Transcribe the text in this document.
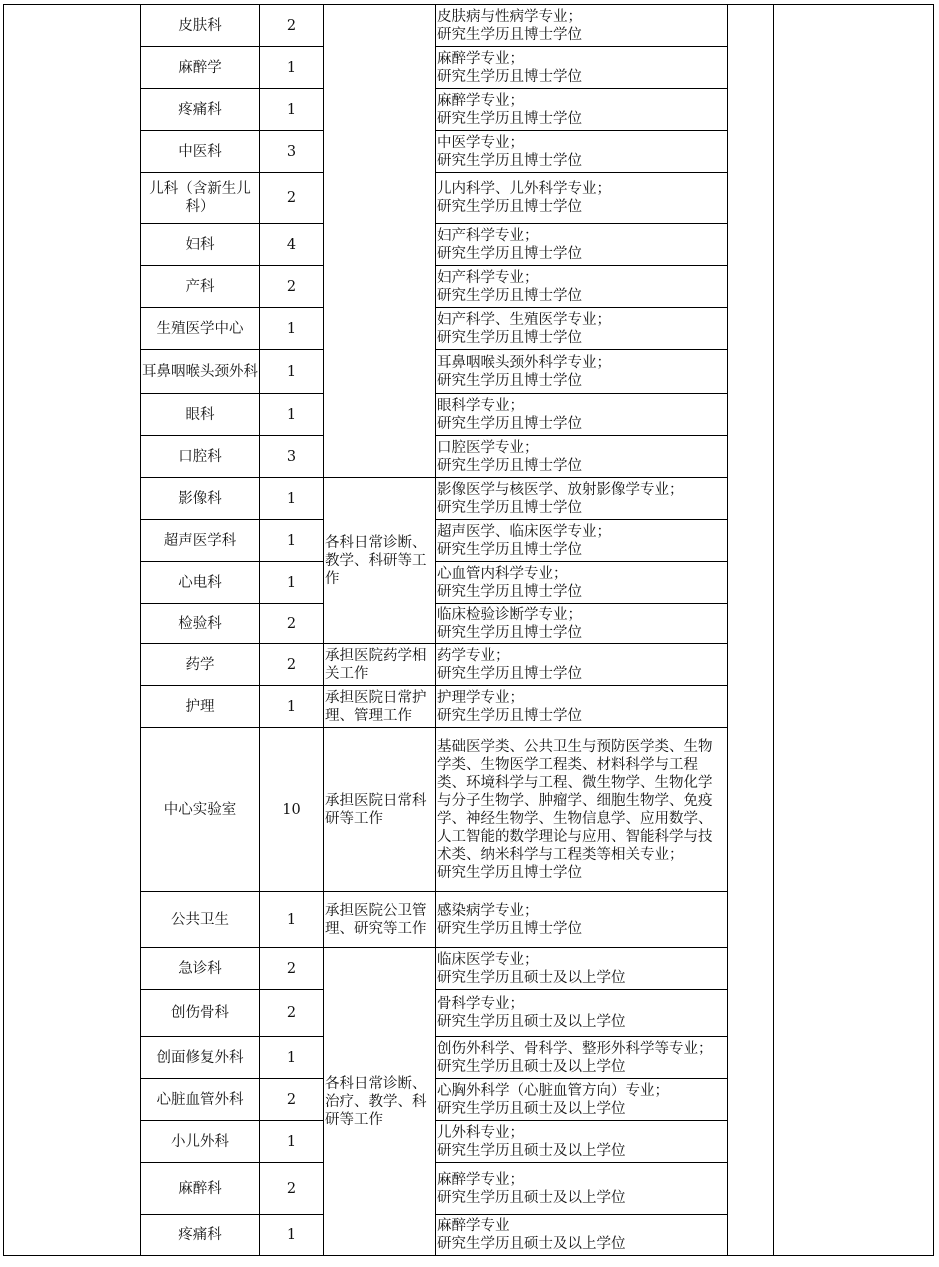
	皮肤科	2		皮肤病与性病学专业；
研究生学历且博士学位		

	麻醉学	1		麻醉学专业；
研究生学历且博士学位		

	疼痛科	1		麻醉学专业；
研究生学历且博士学位		

	中医科	3		中医学专业；
研究生学历且博士学位		

	儿科（含新生儿科）	2		儿内科学、儿外科学专业；
研究生学历且博士学位		

	妇科	4		妇产科学专业；
研究生学历且博士学位		

	产科	2		妇产科学专业；
研究生学历且博士学位		

	生殖医学中心	1		妇产科学、生殖医学专业；
研究生学历且博士学位		

	耳鼻咽喉头颈外科	1		耳鼻咽喉头颈外科学专业；
研究生学历且博士学位		

	眼科	1		眼科学专业；
研究生学历且博士学位		

	口腔科	3		口腔医学专业；
研究生学历且博士学位		

	影像科	1	各科日常诊断、教学、科研等工作	影像医学与核医学、放射影像学专业；
研究生学历且博士学位		

	超声医学科	1		超声医学、临床医学专业；
研究生学历且博士学位		

	心电科	1		心血管内科学专业；
研究生学历且博士学位		

	检验科	2		临床检验诊断学专业；
研究生学历且博士学位		

	药学	2	承担医院药学相关工作	药学专业；
研究生学历且博士学位		

	护理	1	承担医院日常护理、管理工作	护理学专业；
研究生学历且博士学位		

	中心实验室	10	承担医院日常科研等工作	基础医学类、公共卫生与预防医学类、生物学类、生物医学工程类、材料科学与工程类、环境科学与工程、微生物学、生物化学与分子生物学、肿瘤学、细胞生物学、免疫学、神经生物学、生物信息学、应用数学、人工智能的数学理论与应用、智能科学与技术类、纳米科学与工程类等相关专业；
研究生学历且博士学位		

	公共卫生	1	承担医院公卫管理、研究等工作	感染病学专业；
研究生学历且博士学位		

	急诊科	2	各科日常诊断、治疗、教学、科研等工作	临床医学专业；
研究生学历且硕士及以上学位		

	创伤骨科	2		骨科学专业；
研究生学历且硕士及以上学位		

	创面修复外科	1		创伤外科学、骨科学、整形外科学等专业；
研究生学历且硕士及以上学位		

	心脏血管外科	2		心胸外科学（心脏血管方向）专业；
研究生学历且硕士及以上学位		

	小儿外科	1		儿外科专业；
研究生学历且硕士及以上学位		

	麻醉科	2		麻醉学专业；
研究生学历且硕士及以上学位		

	疼痛科	1		麻醉学专业
研究生学历且硕士及以上学位		
